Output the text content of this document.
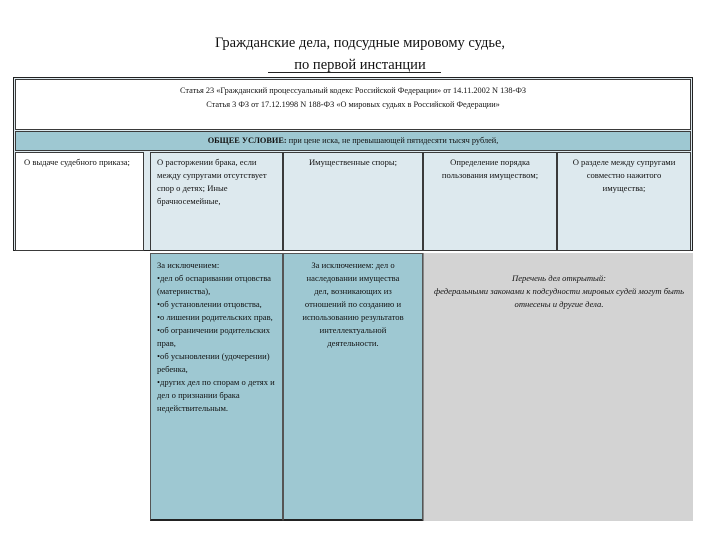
Гражданские дела, подсудные мировому судье,
по первой инстанции
Статья 23 «Гражданский процессуальный кодекс Российской Федерации» от 14.11.2002 N 138-ФЗ
Статья 3 ФЗ от 17.12.1998 N 188-ФЗ «О мировых судьях в Российской Федерации»
ОБЩЕЕ УСЛОВИЕ: при цене иска, не превышающей пятидесяти тысяч рублей,
О выдаче судебного приказа;	О расторжении брака, если между супругами отсутствует спор о детях; Иные брачносемейные,
Имущественные споры;	Определение порядка пользования имуществом;
О разделе между супругами совместно нажитого имущества;
За исключением:
•дел об оспаривании отцовства (материнства),
•об установлении отцовства,
•о лишении родительских прав,
•об ограничении родительских прав,
•об усыновлении (удочерении) ребенка,
•других дел по спорам о детях и дел о признании брака недействительным.
За исключением: дел о наследовании имущества дел, возникающих из отношений по созданию и использованию результатов интеллектуальной деятельности.
Перечень дел открытый:
федеральными законами к подсудности мировых судей могут быть отнесены и другие дела.
